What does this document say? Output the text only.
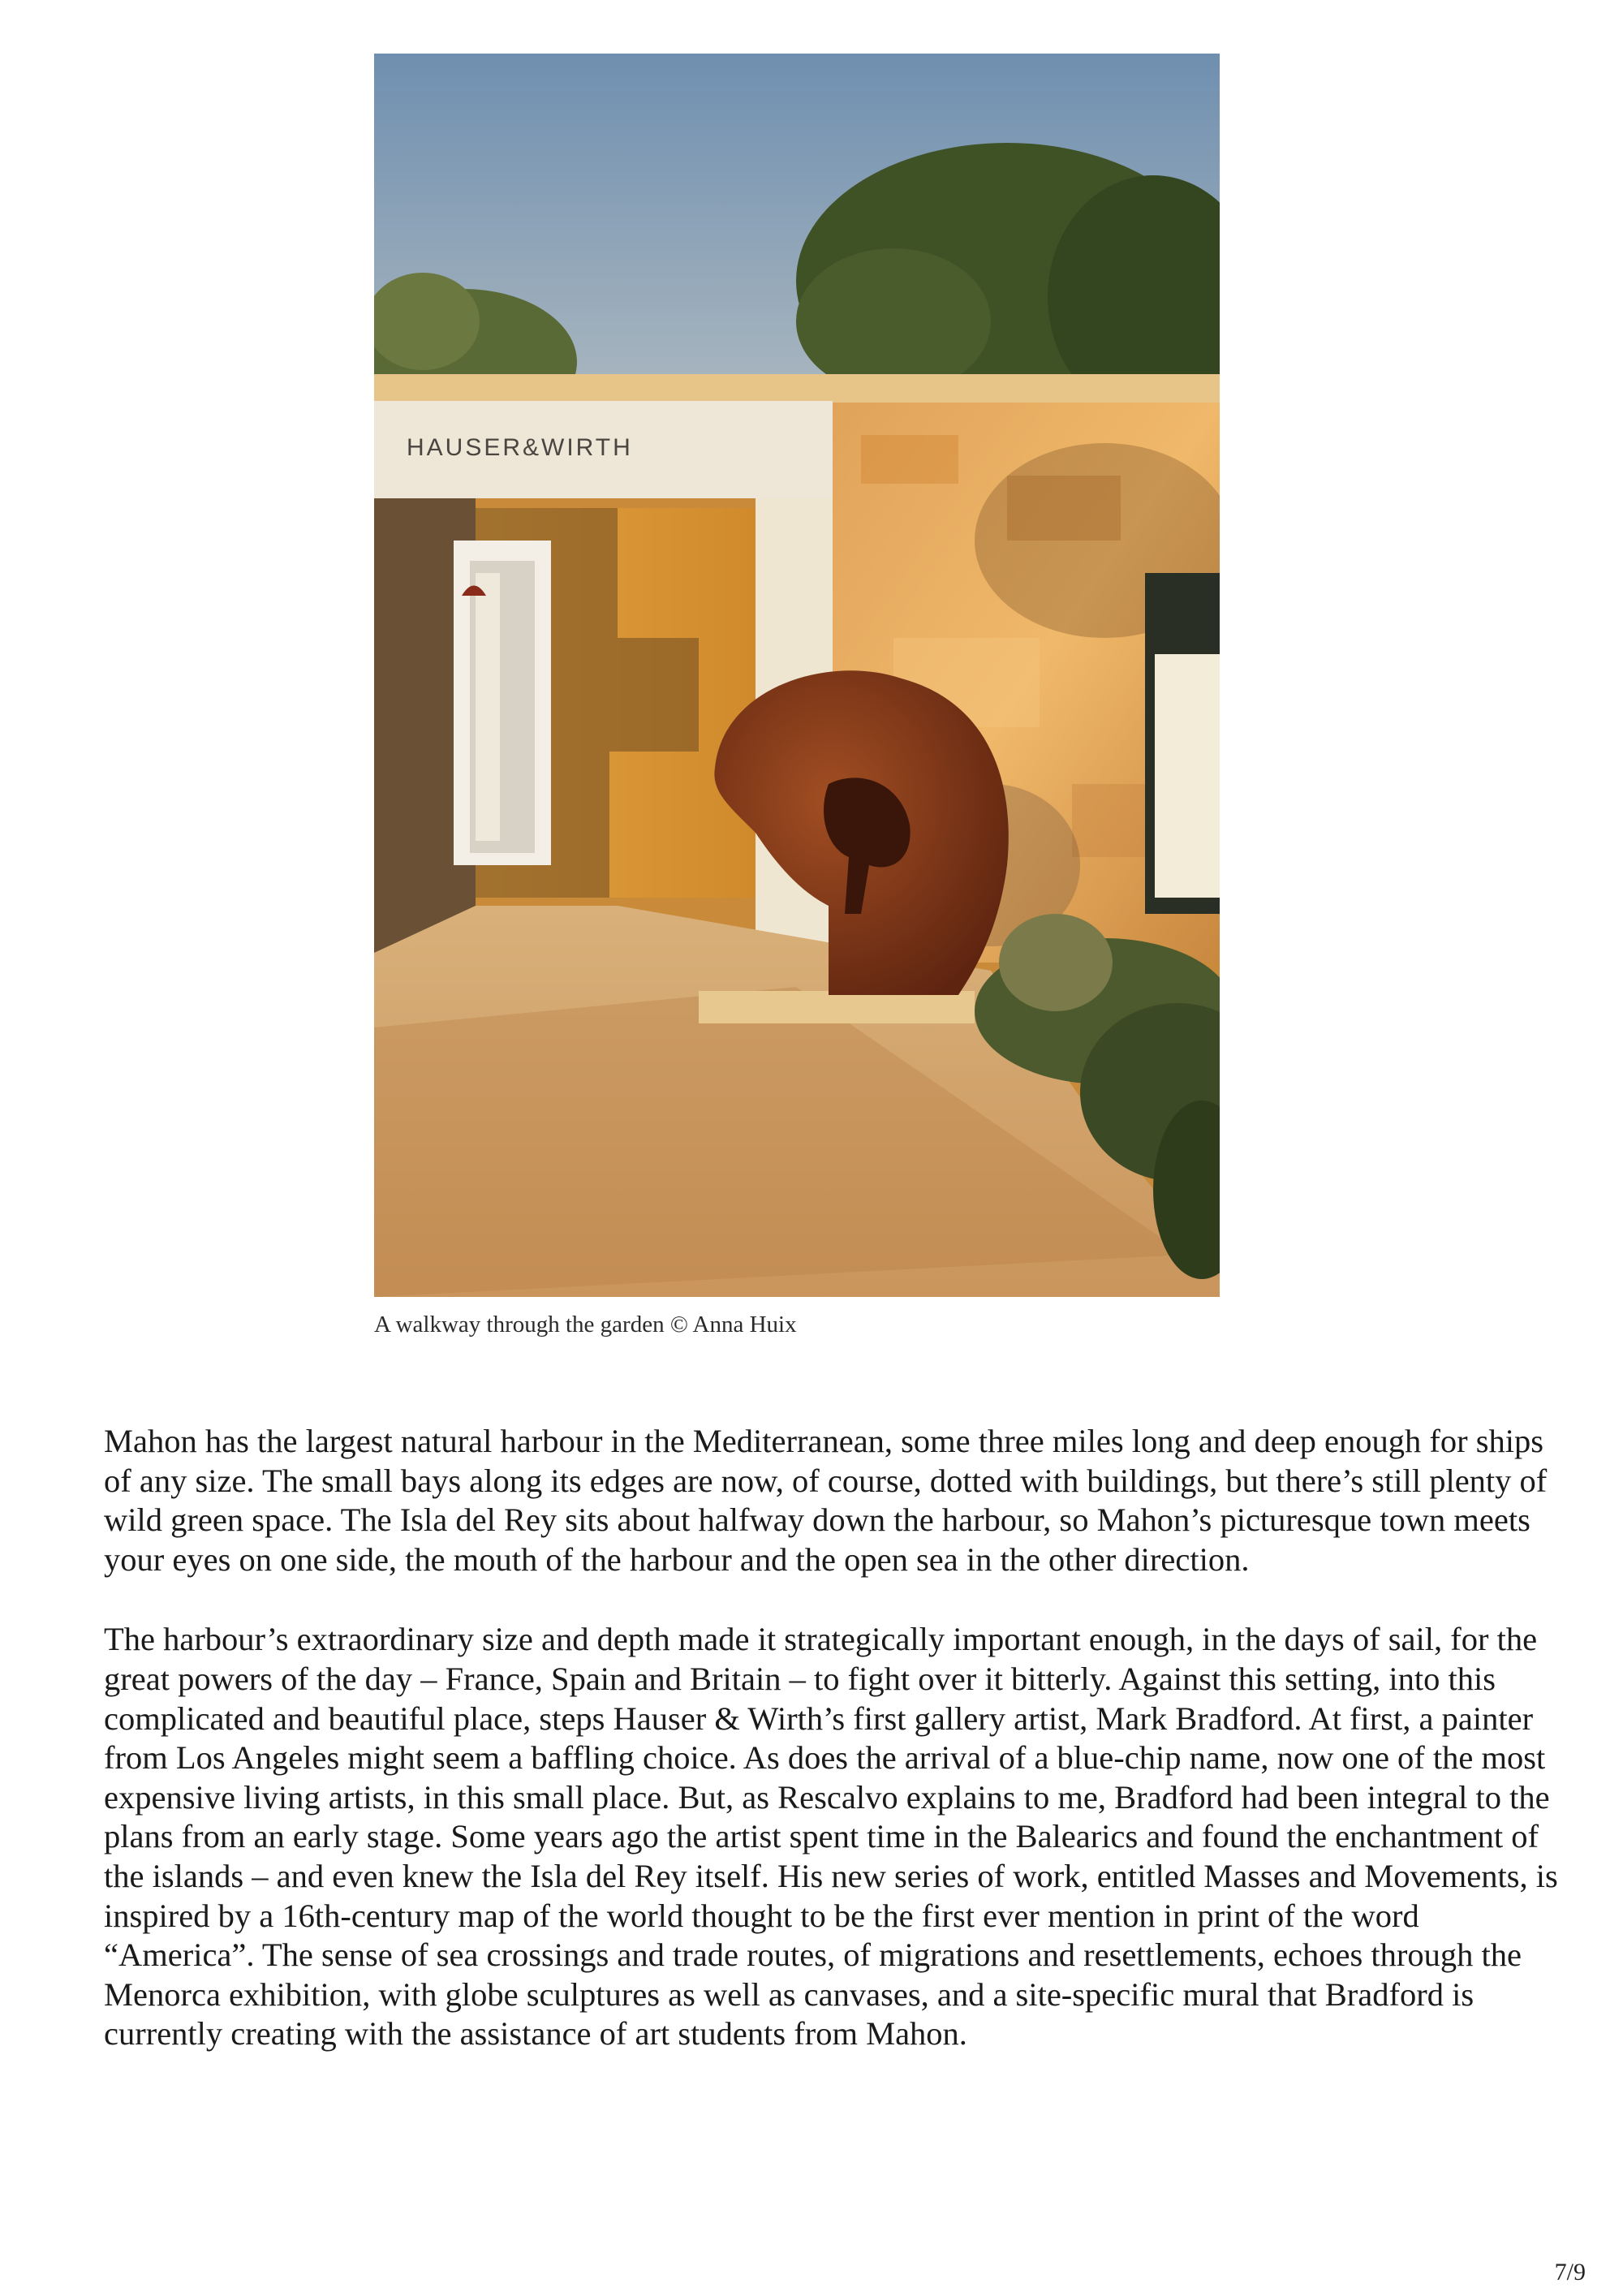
HAUSER&WIRTH
A walkway through the garden © Anna Huix

Mahon has the largest natural harbour in the Mediterranean, some three miles long and deep enough for ships of any size. The small bays along its edges are now, of course, dotted with buildings, but there’s still plenty of wild green space. The Isla del Rey sits about halfway down the harbour, so Mahon’s picturesque town meets your eyes on one side, the mouth of the harbour and the open sea in the other direction.

The harbour’s extraordinary size and depth made it strategically important enough, in the days of sail, for the great powers of the day – France, Spain and Britain – to fight over it bitterly. Against this setting, into this complicated and beautiful place, steps Hauser & Wirth’s first gallery artist, Mark Bradford. At first, a painter from Los Angeles might seem a baffling choice. As does the arrival of a blue-chip name, now one of the most expensive living artists, in this small place. But, as Rescalvo explains to me, Bradford had been integral to the plans from an early stage. Some years ago the artist spent time in the Balearics and found the enchantment of the islands – and even knew the Isla del Rey itself. His new series of work, entitled Masses and Movements, is inspired by a 16th-century map of the world thought to be the first ever mention in print of the word “America”. The sense of sea crossings and trade routes, of migrations and resettlements, echoes through the Menorca exhibition, with globe sculptures as well as canvases, and a site-specific mural that Bradford is currently creating with the assistance of art students from Mahon.

7/9
